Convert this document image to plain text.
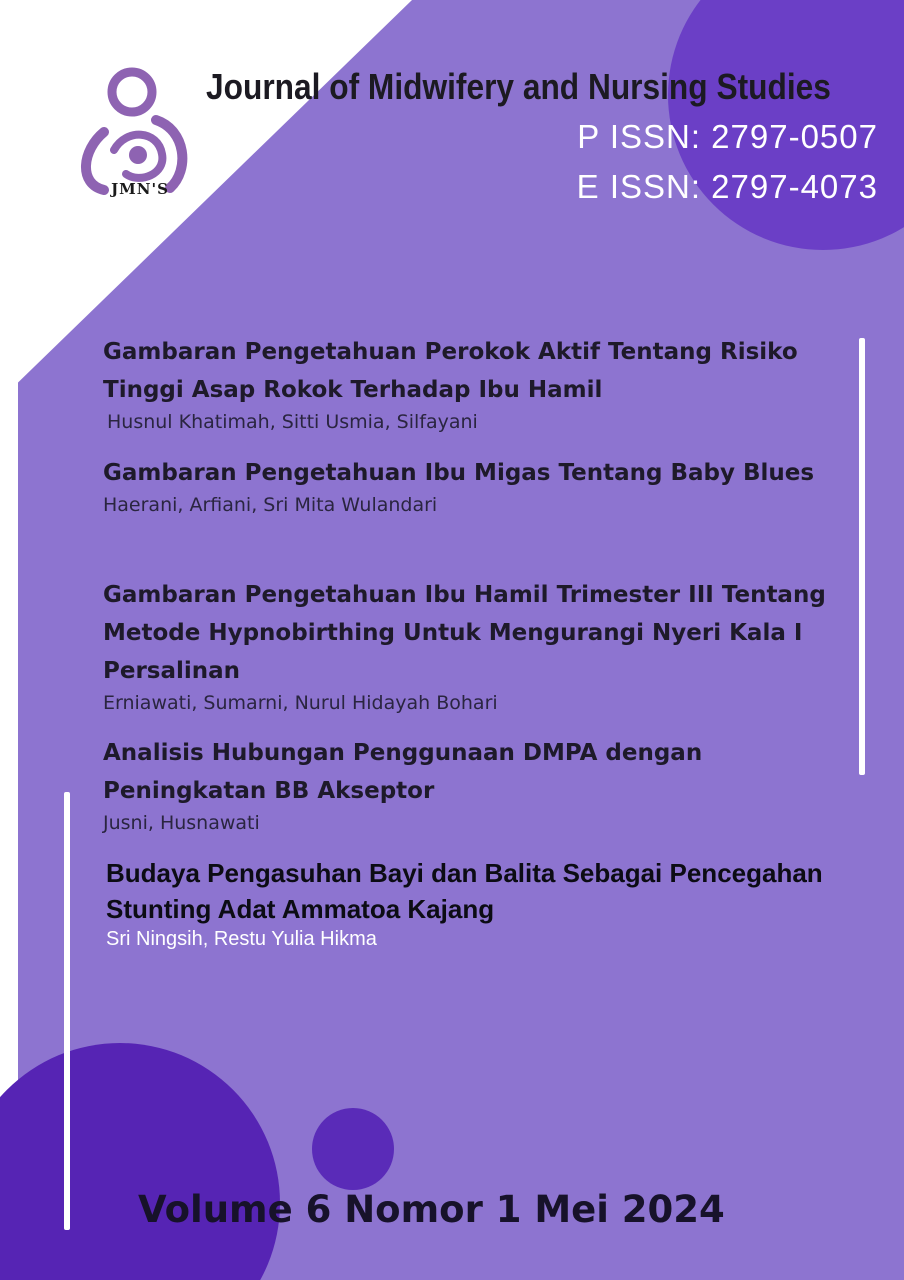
JMN'S
Journal of Midwifery and Nursing Studies
P ISSN: 2797-0507
E ISSN: 2797-4073
Gambaran Pengetahuan Perokok Aktif Tentang Risiko Tinggi Asap Rokok Terhadap Ibu Hamil
Husnul Khatimah, Sitti Usmia, Silfayani
Gambaran Pengetahuan Ibu Migas Tentang Baby Blues
Haerani, Arfiani, Sri Mita Wulandari
Gambaran Pengetahuan Ibu Hamil Trimester III Tentang Metode Hypnobirthing Untuk Mengurangi Nyeri Kala I Persalinan
Erniawati, Sumarni, Nurul Hidayah Bohari
Analisis Hubungan Penggunaan DMPA dengan Peningkatan BB Akseptor
Jusni, Husnawati
Budaya Pengasuhan Bayi dan Balita Sebagai Pencegahan Stunting Adat Ammatoa Kajang
Sri Ningsih, Restu Yulia Hikma
Volume 6 Nomor 1 Mei 2024
